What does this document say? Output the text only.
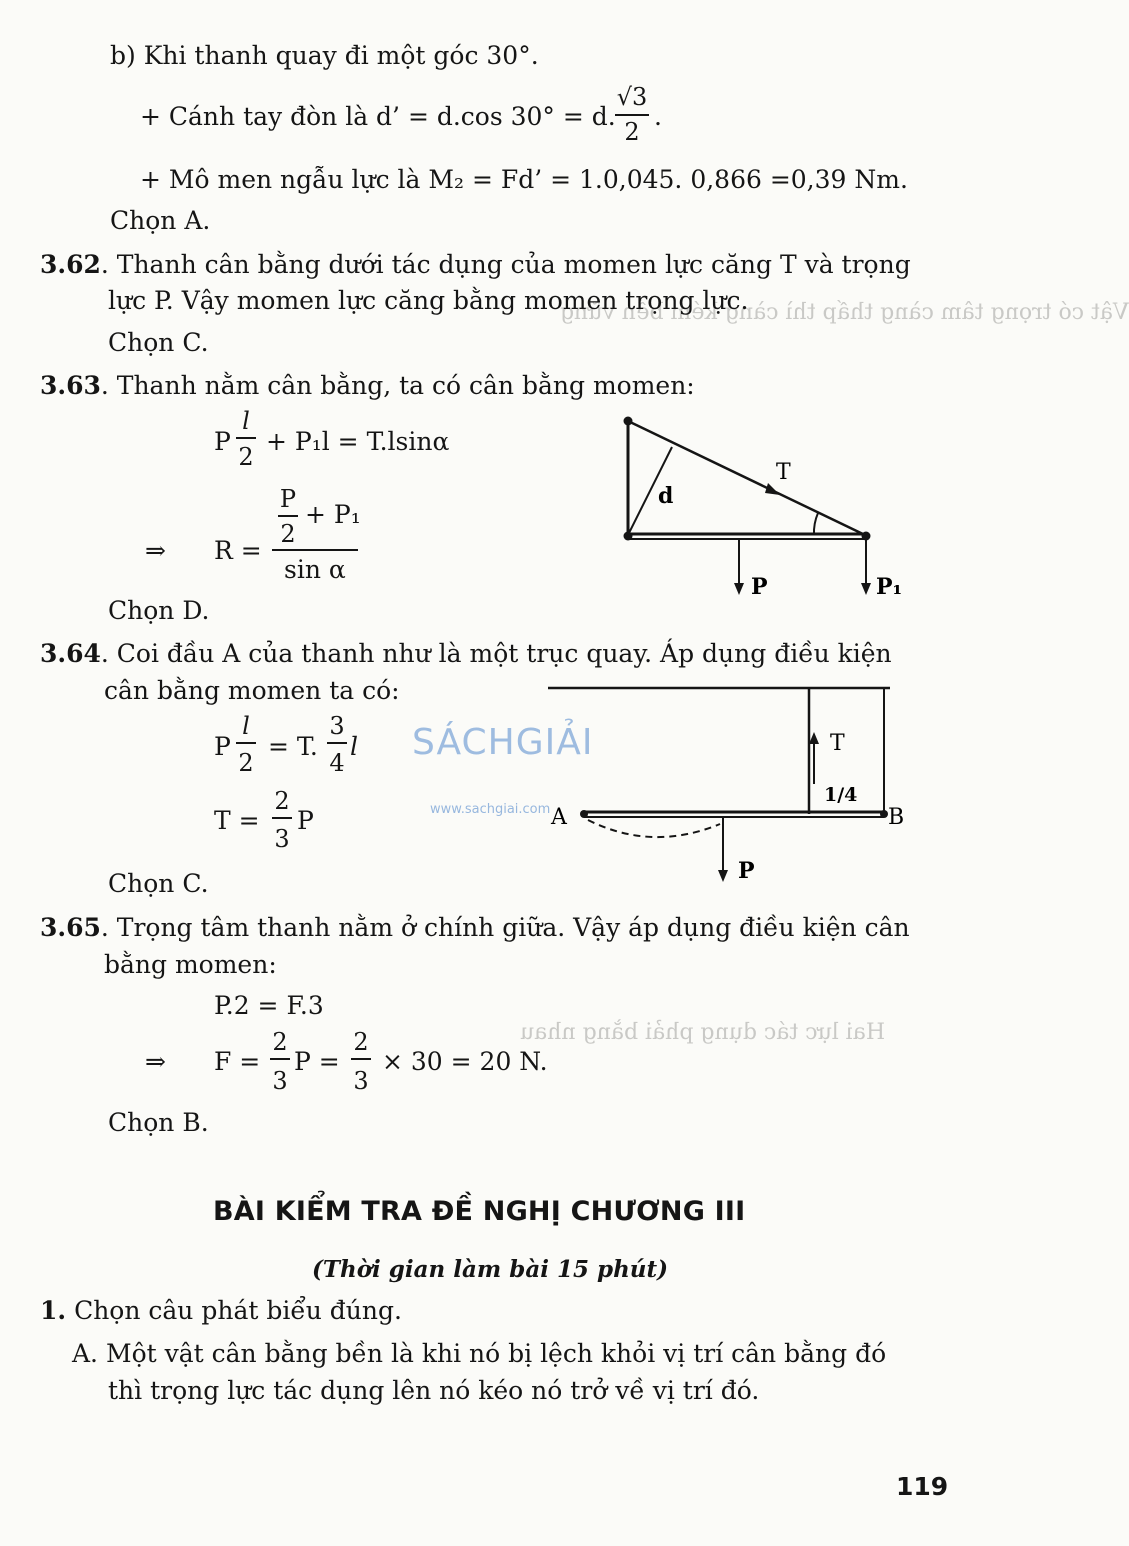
Vật có trọng tâm càng thấp thì càng kém bền vững
Hai lực tác dụng phải bằng nhau
SÁCHGIẢI
www.sachgiai.com
b) Khi thanh quay đi một góc 30°.
+ Cánh tay đòn là d’ = d.cos 30° = d.
√3
2
.
+ Mô men ngẫu lực là M₂ = Fd’ = 1.0,045. 0,866 =0,39 Nm.
Chọn A.
3.62. Thanh cân bằng dưới tác dụng của momen lực căng T và trọng
lực P. Vậy momen lực căng bằng momen trọng lực.
Chọn C.
3.63. Thanh nằm cân bằng, ta có cân bằng momen:
P
l
2
+ P₁l = T.lsinα
⇒ R =
P
2
+ P₁
sin α
Chọn D.
d
T
P	P₁
3.64. Coi đầu A của thanh như là một trục quay. Áp dụng điều kiện
cân bằng momen ta có:
P
l
2
= T.
3
4
l
T =
2
3
P
Chọn C.
A	B
T
1/4
P
3.65. Trọng tâm thanh nằm ở chính giữa. Vậy áp dụng điều kiện cân
bằng momen:
P.2 = F.3
⇒ F =
2
3
P =
2
3
× 30 = 20 N.
Chọn B.
BÀI KIỂM TRA ĐỀ NGHỊ CHƯƠNG III
(Thời gian làm bài 15 phút)
1. Chọn câu phát biểu đúng.
A. Một vật cân bằng bền là khi nó bị lệch khỏi vị trí cân bằng đó
thì trọng lực tác dụng lên nó kéo nó trở về vị trí đó.
119
